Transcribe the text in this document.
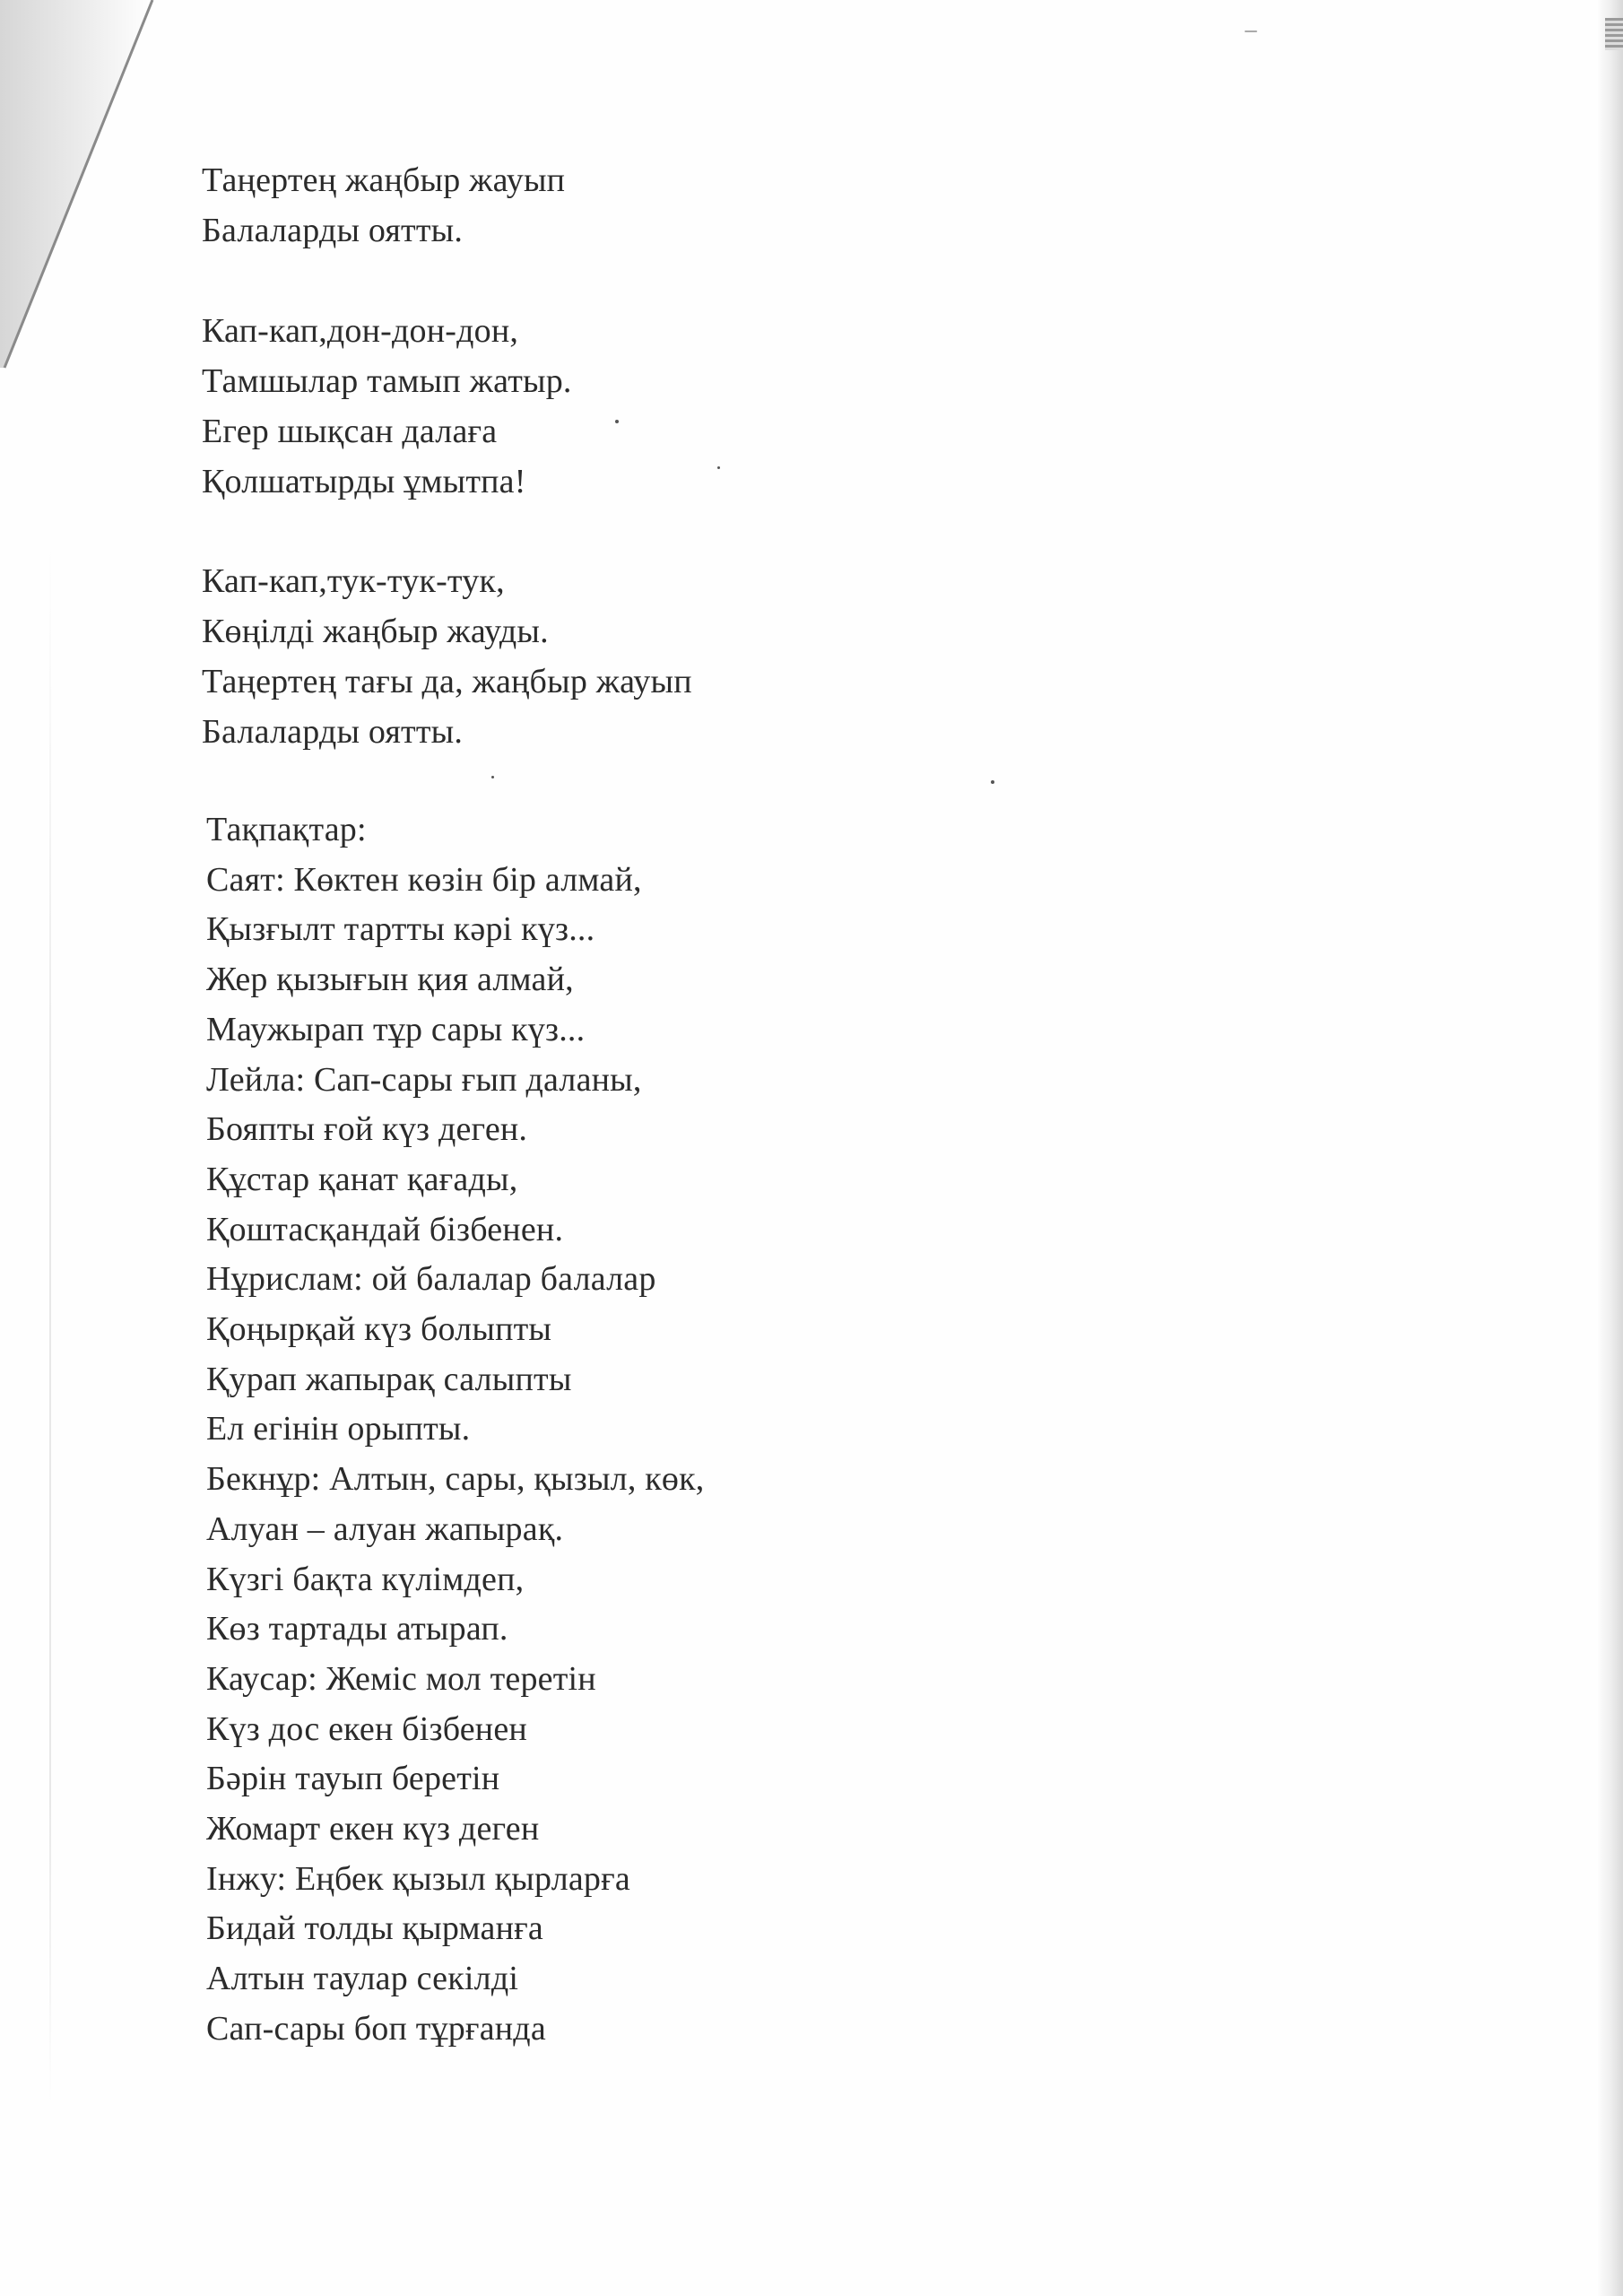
Таңертең жаңбыр жауып
Балаларды оятты.
Кап-кап,дон-дон-дон,
Тамшылар тамып жатыр.
Егер шықсан далаға
Қолшатырды ұмытпа!
Кап-кап,тук-тук-тук,
Көңілді жаңбыр жауды.
Таңертең тағы да, жаңбыр жауып
Балаларды оятты.
Тақпақтар:
Саят: Көктен көзін бір алмай,
Қызғылт тартты кәрі күз...
Жер қызығын қия алмай,
Маужырап тұр сары күз...
Лейла: Сап-сары ғып даланы,
Бояпты ғой күз деген.
Құстар қанат қағады,
Қоштасқандай бізбенен.
Нұрислам: ой балалар балалар
Қоңырқай күз болыпты
Қурап жапырақ салыпты
Ел егінін орыпты.
Бекнұр: Алтын, сары, қызыл, көк,
Алуан – алуан жапырақ.
Күзгі бақта күлімдеп,
Көз тартады атырап.
Каусар: Жеміс мол теретін
Күз дос екен бізбенен
Бәрін тауып беретін
Жомарт екен күз деген
Інжу: Еңбек қызыл қырларға
Бидай толды қырманға
Алтын таулар секілді
Сап-сары боп тұрғанда
